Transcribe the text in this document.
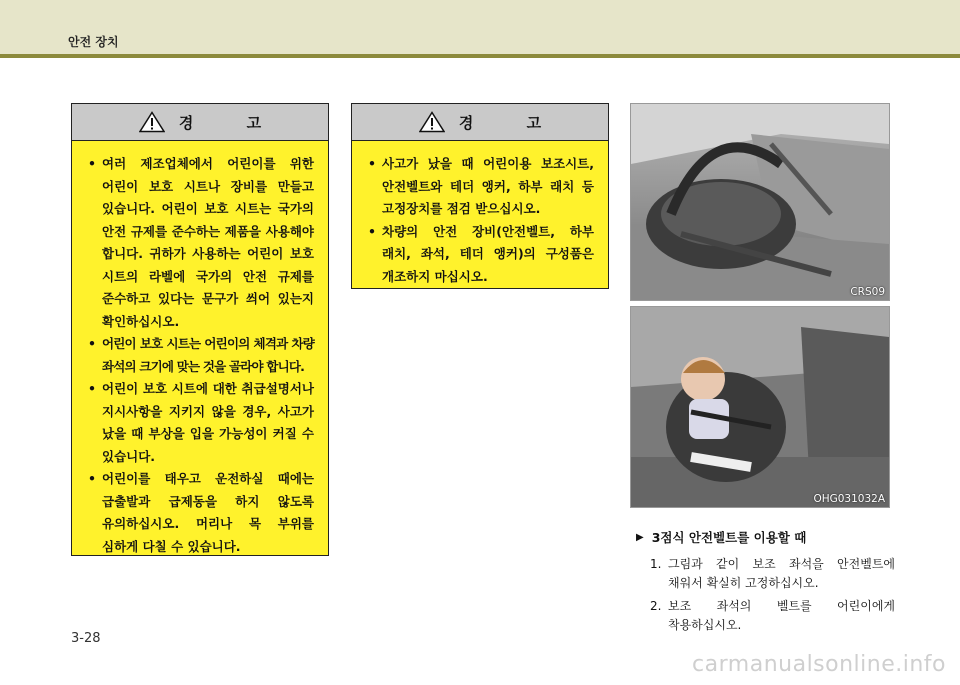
안전 장치
경 고
• 여러 제조업체에서 어린이를 위한 어린이 보호 시트나 장비를 만들고 있습니다. 어린이 보호 시트는 국가의 안전 규제를 준수하는 제품을 사용해야 합니다. 귀하가 사용하는 어린이 보호 시트의 라벨에 국가의 안전 규제를 준수하고 있다는 문구가 씌어 있는지 확인하십시오.
• 어린이 보호 시트는 어린이의 체격과 차량 좌석의 크기에 맞는 것을 골라야 합니다.
• 어린이 보호 시트에 대한 취급설명서나 지시사항을 지키지 않을 경우, 사고가 났을 때 부상을 입을 가능성이 커질 수 있습니다.
• 어린이를 태우고 운전하실 때에는 급출발과 급제동을 하지 않도록 유의하십시오. 머리나 목 부위를 심하게 다칠 수 있습니다.
경 고
• 사고가 났을 때 어린이용 보조시트, 안전벨트와 테더 앵커, 하부 래치 등 고정장치를 점검 받으십시오.
• 차량의 안전 장비(안전벨트, 하부 래치, 좌석, 테더 앵커)의 구성품은 개조하지 마십시오.
CRS09
OHG031032A
▶ 3점식 안전벨트를 이용할 때
1. 그림과 같이 보조 좌석을 안전벨트에 채워서 확실히 고정하십시오.
2. 보조 좌석의 벨트를 어린이에게 착용하십시오.
3-28
carmanualsonline.info
